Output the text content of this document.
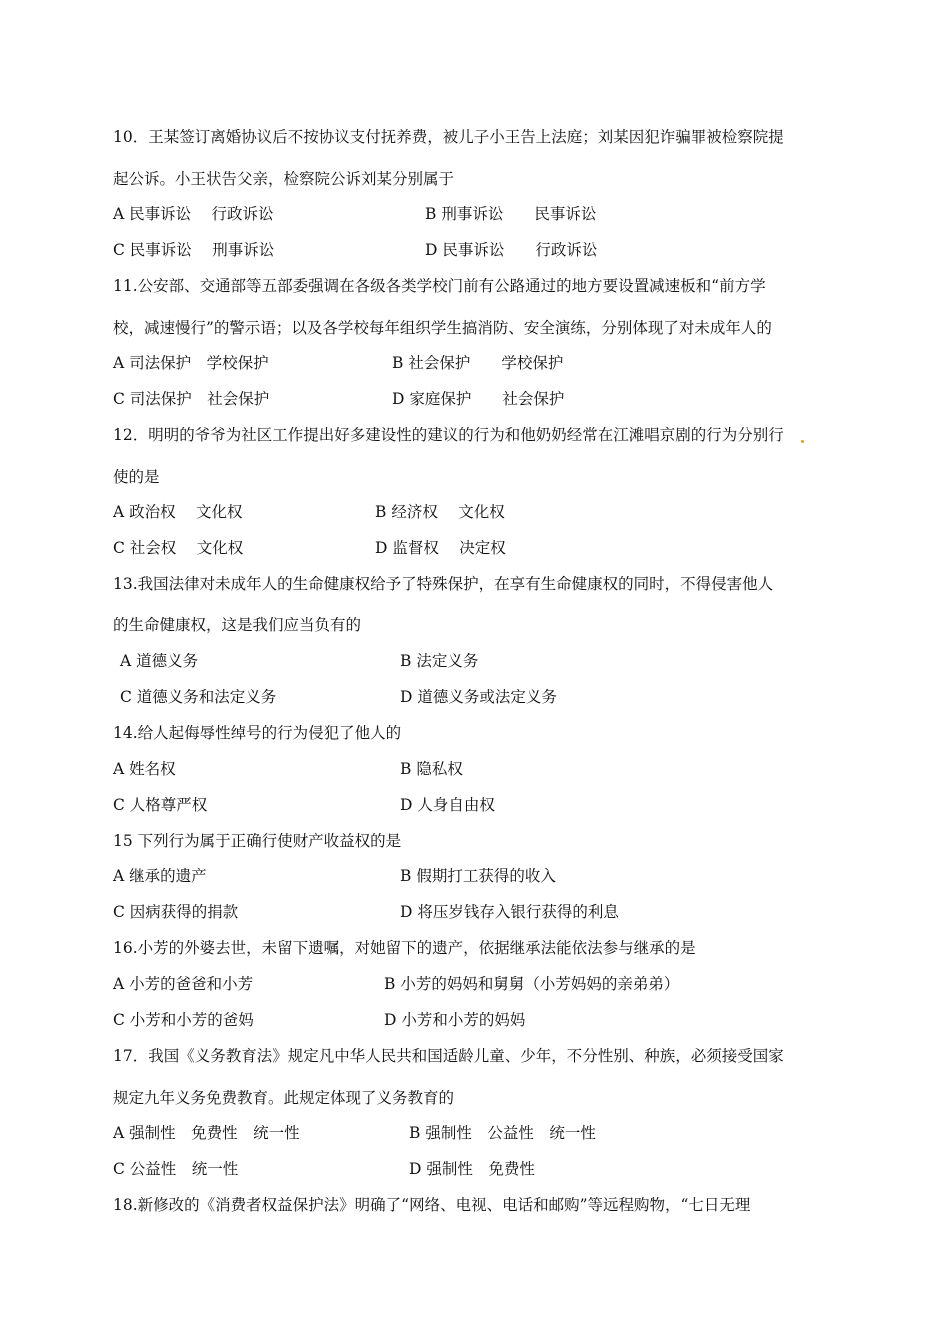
10．王某签订离婚协议后不按协议支付抚养费，被儿子小王告上法庭；刘某因犯诈骗罪被检察院提
起公诉。小王状告父亲，检察院公诉刘某分别属于
A 民事诉讼　 行政诉讼	B 刑事诉讼　　民事诉讼
C 民事诉讼　 刑事诉讼	D 民事诉讼　　行政诉讼
11.公安部、交通部等五部委强调在各级各类学校门前有公路通过的地方要设置减速板和“前方学
校，减速慢行”的警示语；以及各学校每年组织学生搞消防、安全演练，分别体现了对未成年人的
A 司法保护　学校保护	B 社会保护　　学校保护
C 司法保护　社会保护	D 家庭保护　　社会保护
12．明明的爷爷为社区工作提出好多建设性的建议的行为和他奶奶经常在江滩唱京剧的行为分别行
使的是
A 政治权　 文化权	B 经济权　 文化权
C 社会权　 文化权	D 监督权　 决定权
13.我国法律对未成年人的生命健康权给予了特殊保护，在享有生命健康权的同时，不得侵害他人
的生命健康权，这是我们应当负有的
A 道德义务	B 法定义务
C 道德义务和法定义务	D 道德义务或法定义务
14.给人起侮辱性绰号的行为侵犯了他人的
A 姓名权	B 隐私权
C 人格尊严权	D 人身自由权
15 下列行为属于正确行使财产收益权的是
A 继承的遗产	B 假期打工获得的收入
C 因病获得的捐款	D 将压岁钱存入银行获得的利息
16.小芳的外婆去世，未留下遗嘱，对她留下的遗产，依据继承法能依法参与继承的是
A 小芳的爸爸和小芳	B 小芳的妈妈和舅舅（小芳妈妈的亲弟弟）
C 小芳和小芳的爸妈	D 小芳和小芳的妈妈
17．我国《义务教育法》规定凡中华人民共和国适龄儿童、少年，不分性别、种族，必须接受国家
规定九年义务免费教育。此规定体现了义务教育的
A 强制性　免费性　统一性	B 强制性　公益性　统一性
C 公益性　统一性	D 强制性　免费性
18.新修改的《消费者权益保护法》明确了“网络、电视、电话和邮购”等远程购物，“七日无理
